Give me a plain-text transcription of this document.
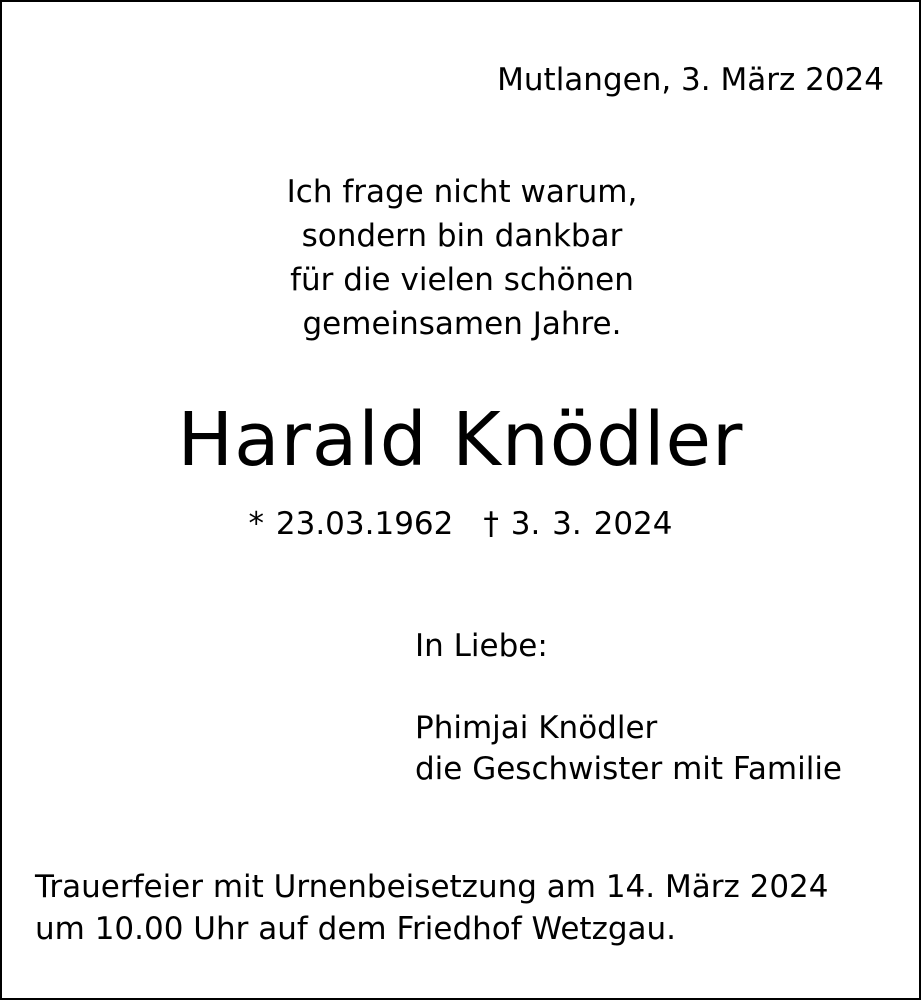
Mutlangen, 3. März 2024

Ich frage nicht warum,
sondern bin dankbar
für die vielen schönen
gemeinsamen Jahre.
Harald Knödler

* 23.03.1962 † 3. 3. 2024

In Liebe:
Phimjai Knödler
die Geschwister mit Familie
Trauerfeier mit Urnenbeisetzung am 14. März 2024
um 10.00 Uhr auf dem Friedhof Wetzgau.
